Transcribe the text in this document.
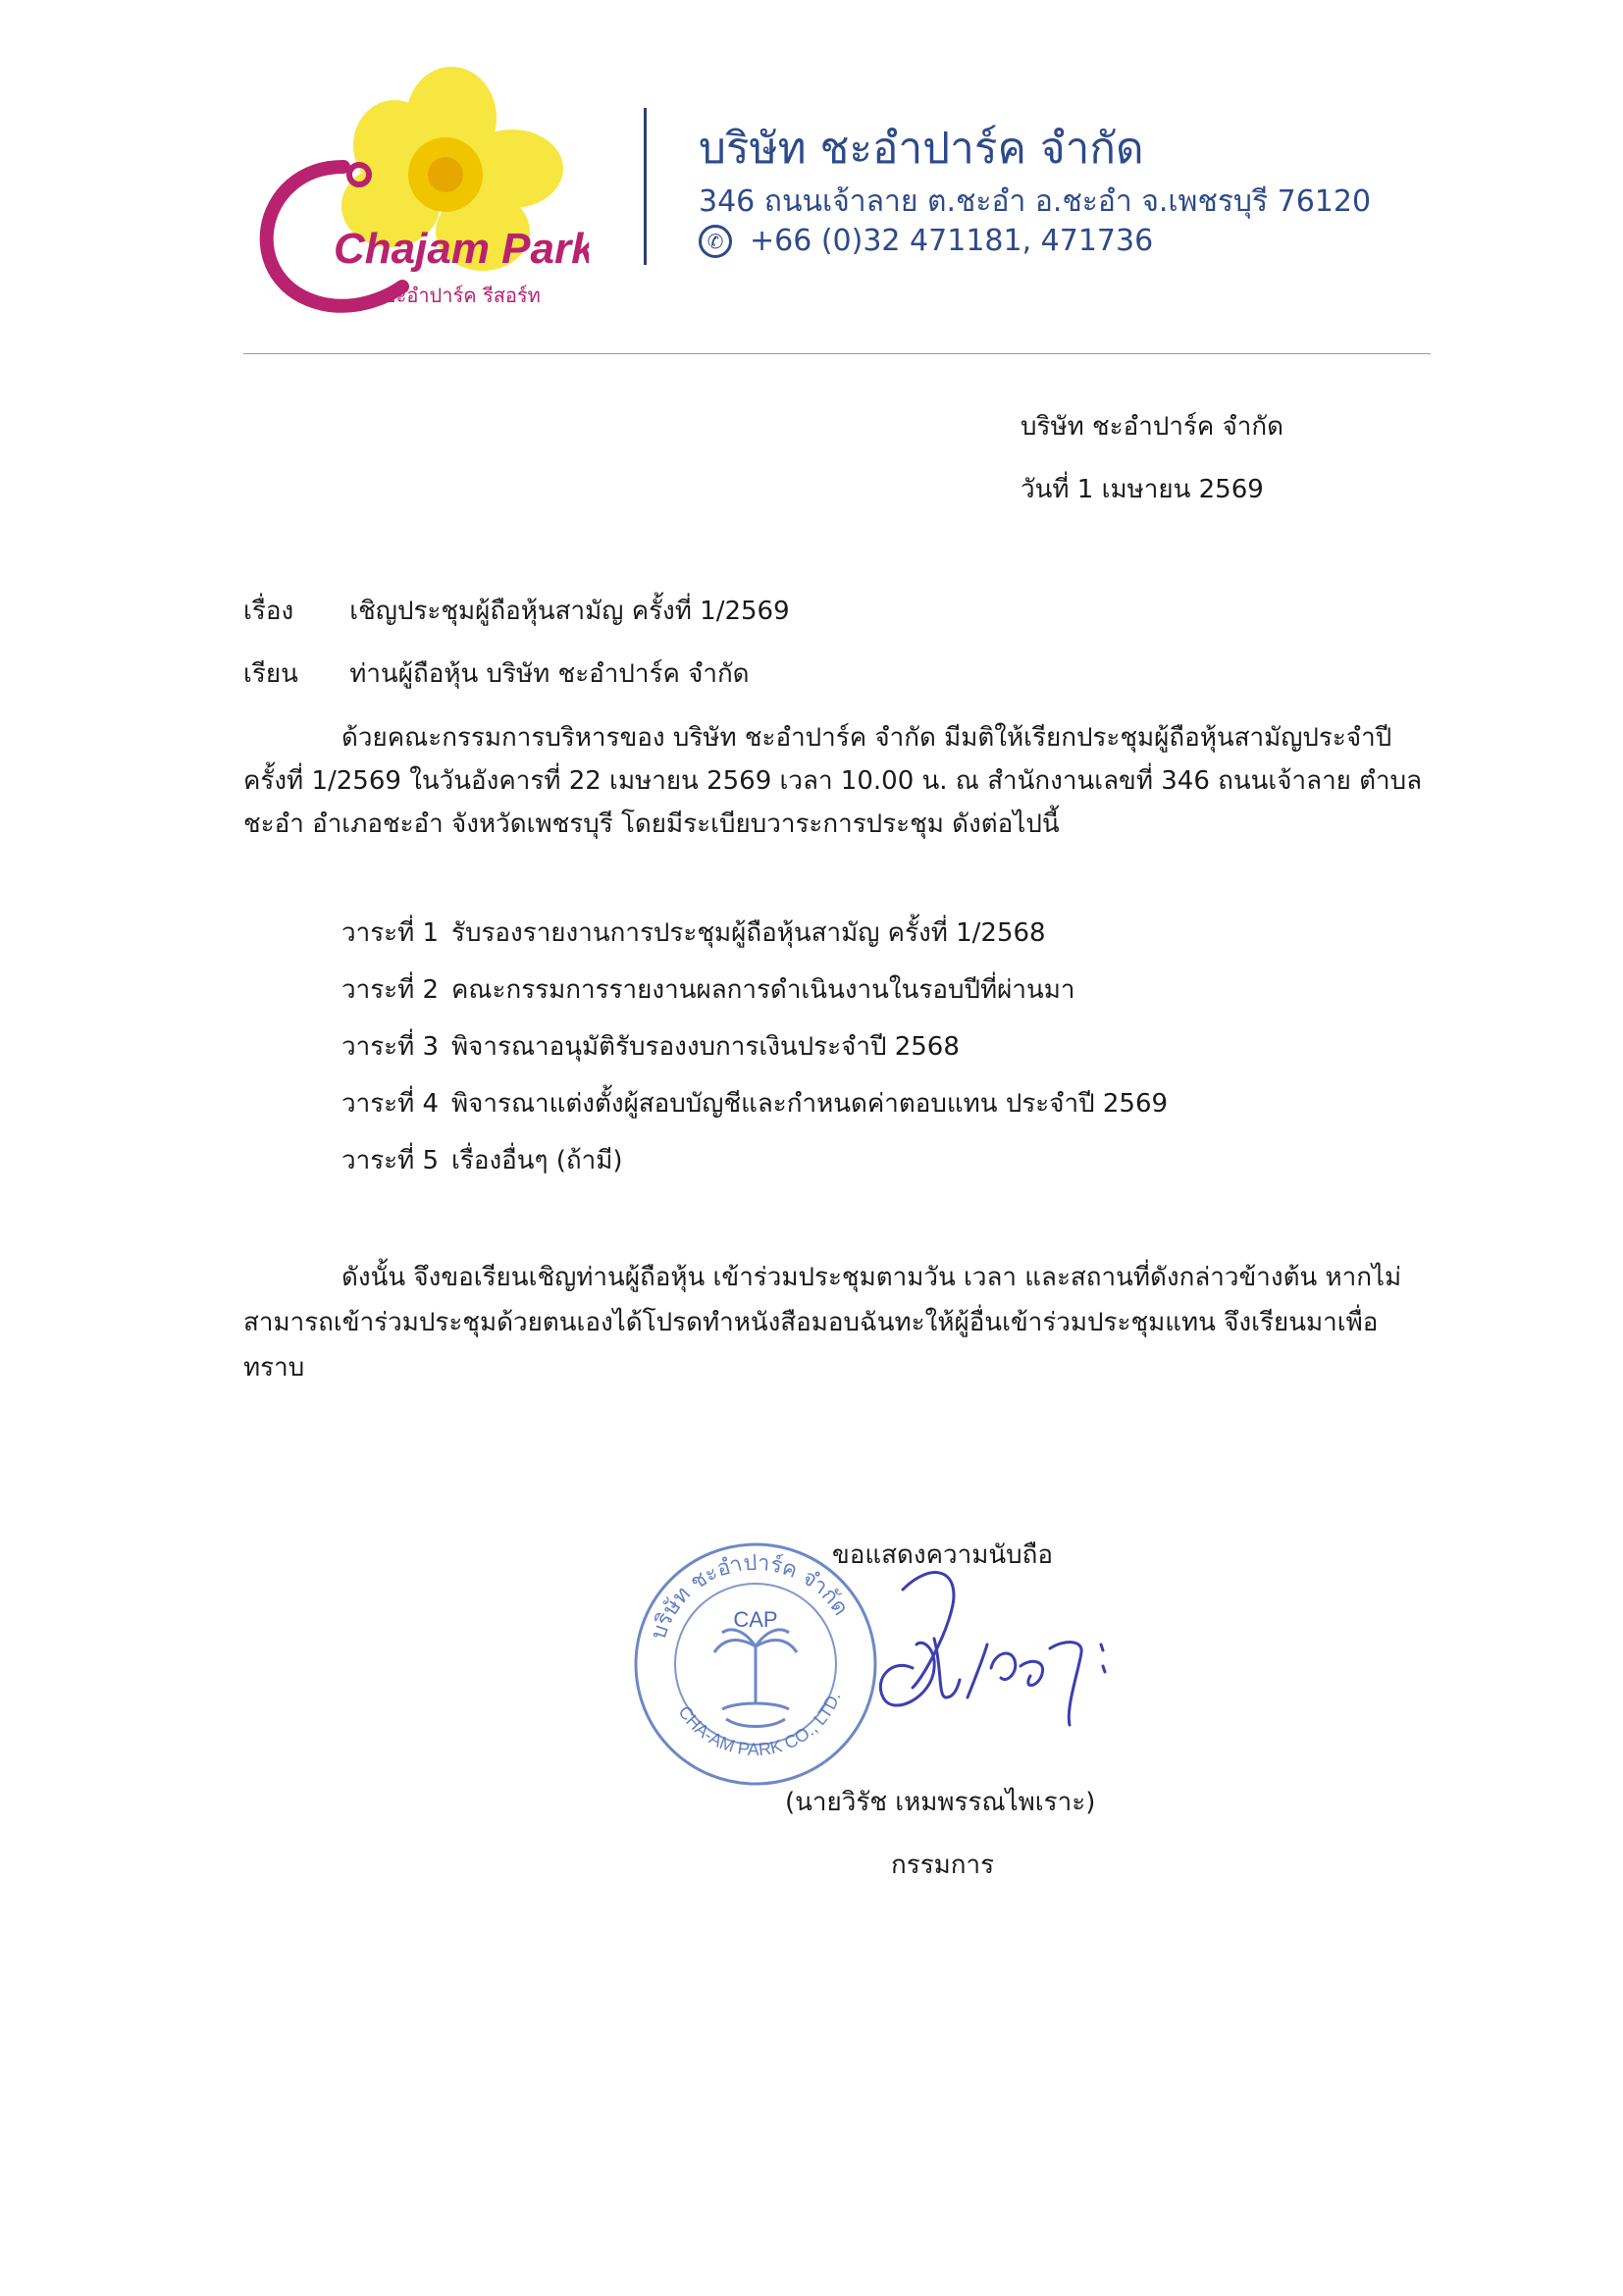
Chajam Park
ชะอำปาร์ค รีสอร์ท
บริษัท ชะอำปาร์ค จำกัด
346 ถนนเจ้าลาย ต.ชะอำ อ.ชะอำ จ.เพชรบุรี 76120
✆ +66 (0)32 471181, 471736
บริษัท ชะอำปาร์ค จำกัด
วันที่ 1 เมษายน 2569
เรื่อง เชิญประชุมผู้ถือหุ้นสามัญ ครั้งที่ 1/2569
เรียน ท่านผู้ถือหุ้น บริษัท ชะอำปาร์ค จำกัด
ด้วยคณะกรรมการบริหารของ บริษัท ชะอำปาร์ค จำกัด มีมติให้เรียกประชุมผู้ถือหุ้นสามัญประจำปี
ครั้งที่ 1/2569 ในวันอังคารที่ 22 เมษายน 2569 เวลา 10.00 น. ณ สำนักงานเลขที่ 346 ถนนเจ้าลาย ตำบล
ชะอำ อำเภอชะอำ จังหวัดเพชรบุรี โดยมีระเบียบวาระการประชุม ดังต่อไปนี้
วาระที่ 1 รับรองรายงานการประชุมผู้ถือหุ้นสามัญ ครั้งที่ 1/2568
วาระที่ 2 คณะกรรมการรายงานผลการดำเนินงานในรอบปีที่ผ่านมา
วาระที่ 3 พิจารณาอนุมัติรับรองงบการเงินประจำปี 2568
วาระที่ 4 พิจารณาแต่งตั้งผู้สอบบัญชีและกำหนดค่าตอบแทน ประจำปี 2569
วาระที่ 5 เรื่องอื่นๆ (ถ้ามี)
ดังนั้น จึงขอเรียนเชิญท่านผู้ถือหุ้น เข้าร่วมประชุมตามวัน เวลา และสถานที่ดังกล่าวข้างต้น หากไม่
สามารถเข้าร่วมประชุมด้วยตนเองได้โปรดทำหนังสือมอบฉันทะให้ผู้อื่นเข้าร่วมประชุมแทน จึงเรียนมาเพื่อ
ทราบ
ขอแสดงความนับถือ
บริษัท ชะอำปาร์ค จำกัด
CHA-AM PARK CO., LTD.
CAP
(นายวิรัช เหมพรรณไพเราะ)
กรรมการ
